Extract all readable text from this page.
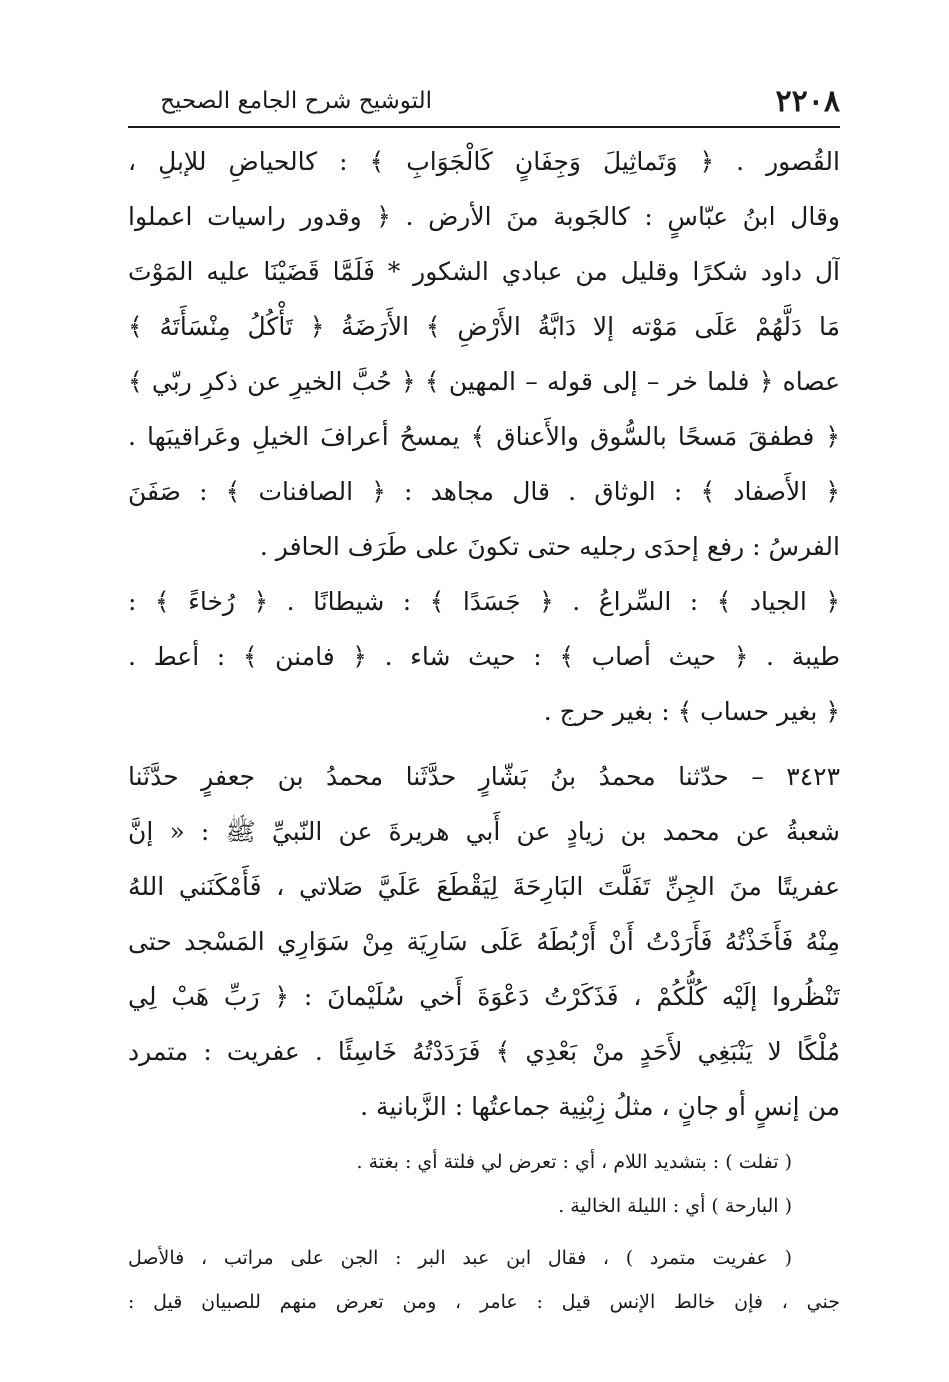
٢٢٠٨
التوشيح شرح الجامع الصحيح
القُصور . ﴿ وَتَماثِيلَ وَجِفَانٍ كَالْجَوَابِ ﴾ : كالحياضِ للإبلِ ،
وقال ابنُ عبّاسٍ : كالجَوبة منَ الأرض . ﴿ وقدور راسيات اعملوا
آل داود شكرًا وقليل من عبادي الشكور * فَلَمَّا قَضَيْنَا عليه المَوْتَ
مَا دَلَّهُمْ عَلَى مَوْته إلا دَابَّةُ الأَرْضِ ﴾ الأَرَضَةُ ﴿ تَأْكُلُ مِنْسَأَتَهُ ﴾
عصاه ﴿ فلما خر – إلى قوله – المهين ﴾ ﴿ حُبَّ الخيرِ عن ذكرِ ربّي ﴾
﴿ فطفقَ مَسحًا بالسُّوق والأَعناق ﴾ يمسحُ أعرافَ الخيلِ وعَراقيبَها .
﴿ الأَصفاد ﴾ : الوثاق . قال مجاهد : ﴿ الصافنات ﴾ : صَفَنَ
الفرسُ : رفع إحدَى رجليه حتى تكونَ على طَرَف الحافر .
﴿ الجياد ﴾ : السِّراعُ . ﴿ جَسَدًا ﴾ : شيطانًا . ﴿ رُخاءً ﴾ :
طيبة . ﴿ حيث أصاب ﴾ : حيث شاء . ﴿ فامنن ﴾ : أعط .
﴿ بغير حساب ﴾ : بغير حرج .
٣٤٢٣ – حدّثنا محمدُ بنُ بَشّارٍ حدَّثَنا محمدُ بن جعفرٍ حدَّثَنا
شعبةُ عن محمد بن زيادٍ عن أَبي هريرةَ عن النّبيِّ ﷺ : « إنَّ
عفريتًا منَ الجِنِّ تَفَلَّتَ البَارِحَةَ لِيَقْطَعَ عَلَيَّ صَلاتي ، فَأَمْكَنَني اللهُ
مِنْهُ فَأَخَذْتُهُ فَأَرَدْتُ أَنْ أَرْبُطَهُ عَلَى سَارِيَة مِنْ سَوَارِي المَسْجد حتى
تَنْظُروا إلَيْه كُلُّكُمْ ، فَذَكَرْتُ دَعْوَةَ أَخي سُلَيْمانَ : ﴿ رَبِّ هَبْ لِي
مُلْكًا لا يَنْبَغِي لأَحَدٍ منْ بَعْدِي ﴾ فَرَدَدْتُهُ خَاسِئًا . عفريت : متمرد
من إنسٍ أو جانٍ ، مثلُ زِبْنِية جماعتُها : الزَّبانية .
( تفلت ) : بتشديد اللام ، أي : تعرض لي فلتة أي : بغتة .
( البارحة ) أي : الليلة الخالية .
( عفريت متمرد ) ، فقال ابن عبد البر : الجن على مراتب ، فالأصل
جني ، فإن خالط الإنس قيل : عامر ، ومن تعرض منهم للصبيان قيل :
